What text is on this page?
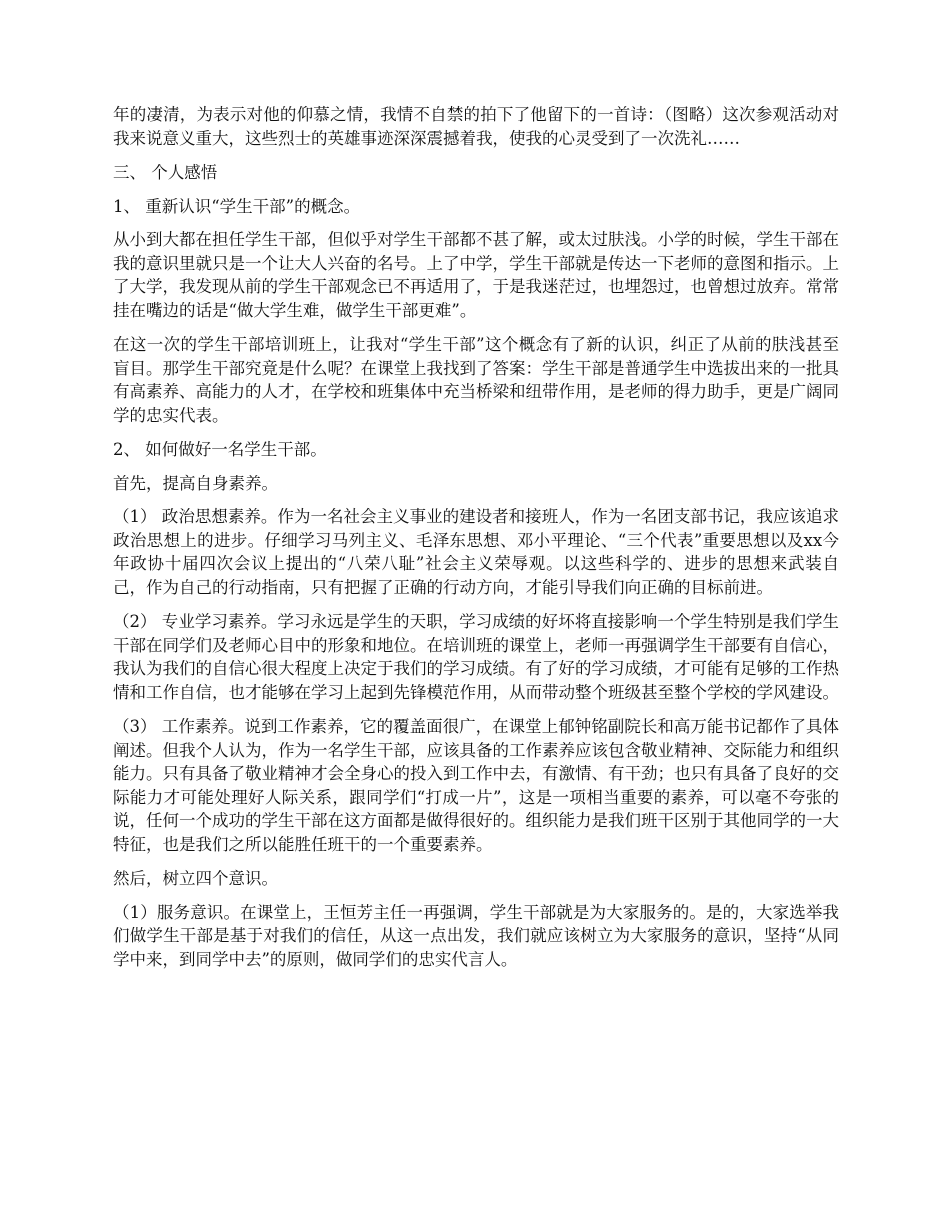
年的凄清，为表示对他的仰慕之情，我情不自禁的拍下了他留下的一首诗：（图略）这次参观活动对我来说意义重大，这些烈士的英雄事迹深深震撼着我，使我的心灵受到了一次洗礼……

三、 个人感悟

1、 重新认识“学生干部”的概念。

从小到大都在担任学生干部，但似乎对学生干部都不甚了解，或太过肤浅。小学的时候，学生干部在我的意识里就只是一个让大人兴奋的名号。上了中学，学生干部就是传达一下老师的意图和指示。上了大学，我发现从前的学生干部观念已不再适用了，于是我迷茫过，也埋怨过，也曾想过放弃。常常挂在嘴边的话是“做大学生难，做学生干部更难”。

在这一次的学生干部培训班上，让我对“学生干部”这个概念有了新的认识，纠正了从前的肤浅甚至盲目。那学生干部究竟是什么呢？在课堂上我找到了答案：学生干部是普通学生中选拔出来的一批具有高素养、高能力的人才，在学校和班集体中充当桥梁和纽带作用，是老师的得力助手，更是广阔同学的忠实代表。

2、 如何做好一名学生干部。

首先，提高自身素养。

（1） 政治思想素养。作为一名社会主义事业的建设者和接班人，作为一名团支部书记，我应该追求政治思想上的进步。仔细学习马列主义、毛泽东思想、邓小平理论、“三个代表”重要思想以及xx今年政协十届四次会议上提出的“八荣八耻”社会主义荣辱观。以这些科学的、进步的思想来武装自己，作为自己的行动指南，只有把握了正确的行动方向，才能引导我们向正确的目标前进。

（2） 专业学习素养。学习永远是学生的天职，学习成绩的好坏将直接影响一个学生特别是我们学生干部在同学们及老师心目中的形象和地位。在培训班的课堂上，老师一再强调学生干部要有自信心，我认为我们的自信心很大程度上决定于我们的学习成绩。有了好的学习成绩，才可能有足够的工作热情和工作自信，也才能够在学习上起到先锋模范作用，从而带动整个班级甚至整个学校的学风建设。

（3） 工作素养。说到工作素养，它的覆盖面很广，在课堂上郁钟铭副院长和高万能书记都作了具体阐述。但我个人认为，作为一名学生干部，应该具备的工作素养应该包含敬业精神、交际能力和组织能力。只有具备了敬业精神才会全身心的投入到工作中去，有激情、有干劲；也只有具备了良好的交际能力才可能处理好人际关系，跟同学们“打成一片”，这是一项相当重要的素养，可以毫不夸张的说，任何一个成功的学生干部在这方面都是做得很好的。组织能力是我们班干区别于其他同学的一大特征，也是我们之所以能胜任班干的一个重要素养。

然后，树立四个意识。

（1）服务意识。在课堂上，王恒芳主任一再强调，学生干部就是为大家服务的。是的，大家选举我们做学生干部是基于对我们的信任，从这一点出发，我们就应该树立为大家服务的意识，坚持“从同学中来，到同学中去”的原则，做同学们的忠实代言人。
